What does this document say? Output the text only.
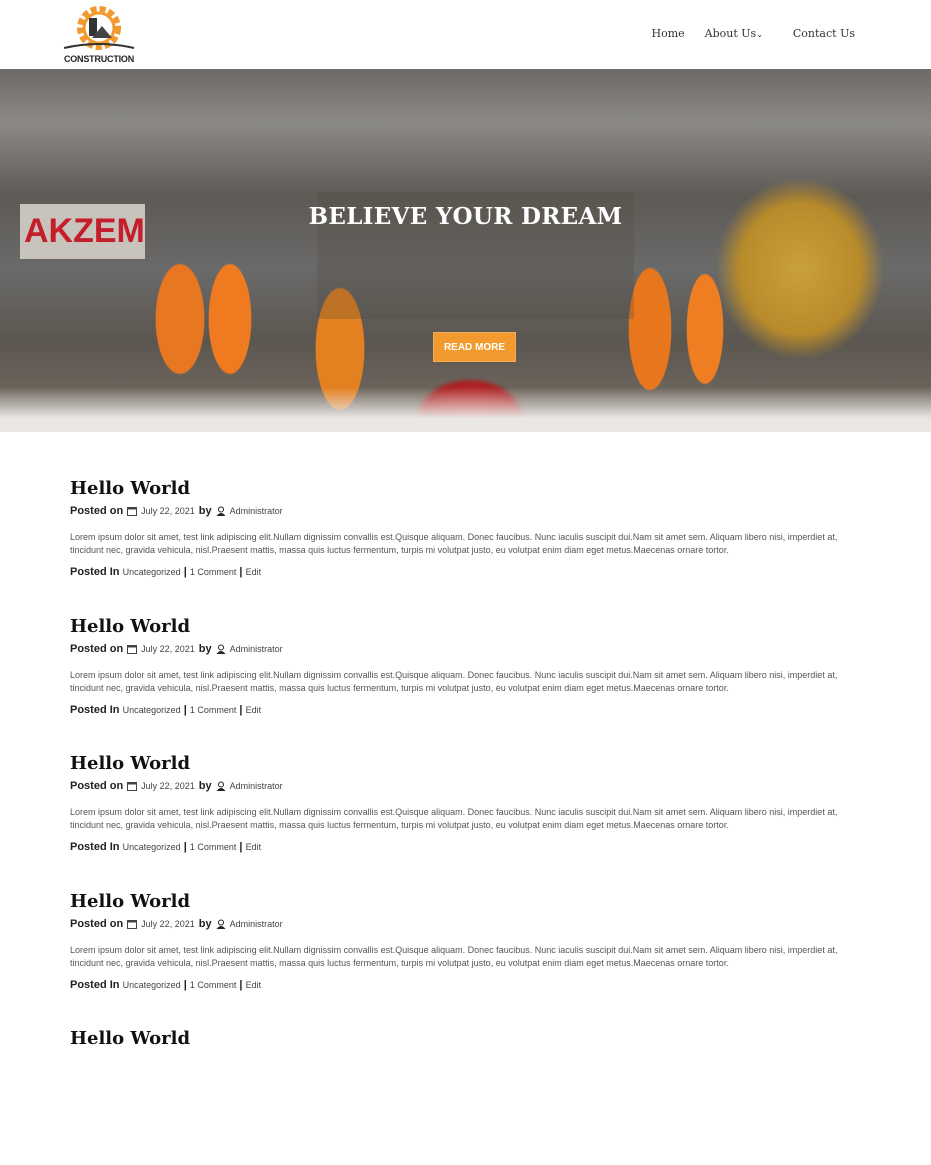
CONSTRUCTION
Home About Us⌄	Contact Us
AKZEM	BELIEVE YOUR DREAM
READ MORE
Hello World
Posted on July 22, 2021 by Administrator

Lorem ipsum dolor sit amet, test link adipiscing elit.Nullam dignissim convallis est.Quisque aliquam. Donec faucibus. Nunc iaculis suscipit dui.Nam sit amet sem. Aliquam libero nisi, imperdiet at, tincidunt nec, gravida vehicula, nisl.Praesent mattis, massa quis luctus fermentum, turpis mi volutpat justo, eu volutpat enim diam eget metus.Maecenas ornare tortor.

Posted In Uncategorized | 1 Comment | Edit
Hello World
Posted on July 22, 2021 by Administrator

Lorem ipsum dolor sit amet, test link adipiscing elit.Nullam dignissim convallis est.Quisque aliquam. Donec faucibus. Nunc iaculis suscipit dui.Nam sit amet sem. Aliquam libero nisi, imperdiet at, tincidunt nec, gravida vehicula, nisl.Praesent mattis, massa quis luctus fermentum, turpis mi volutpat justo, eu volutpat enim diam eget metus.Maecenas ornare tortor.

Posted In Uncategorized | 1 Comment | Edit
Hello World
Posted on July 22, 2021 by Administrator

Lorem ipsum dolor sit amet, test link adipiscing elit.Nullam dignissim convallis est.Quisque aliquam. Donec faucibus. Nunc iaculis suscipit dui.Nam sit amet sem. Aliquam libero nisi, imperdiet at, tincidunt nec, gravida vehicula, nisl.Praesent mattis, massa quis luctus fermentum, turpis mi volutpat justo, eu volutpat enim diam eget metus.Maecenas ornare tortor.

Posted In Uncategorized | 1 Comment | Edit
Hello World
Posted on July 22, 2021 by Administrator

Lorem ipsum dolor sit amet, test link adipiscing elit.Nullam dignissim convallis est.Quisque aliquam. Donec faucibus. Nunc iaculis suscipit dui.Nam sit amet sem. Aliquam libero nisi, imperdiet at, tincidunt nec, gravida vehicula, nisl.Praesent mattis, massa quis luctus fermentum, turpis mi volutpat justo, eu volutpat enim diam eget metus.Maecenas ornare tortor.

Posted In Uncategorized | 1 Comment | Edit
Hello World
